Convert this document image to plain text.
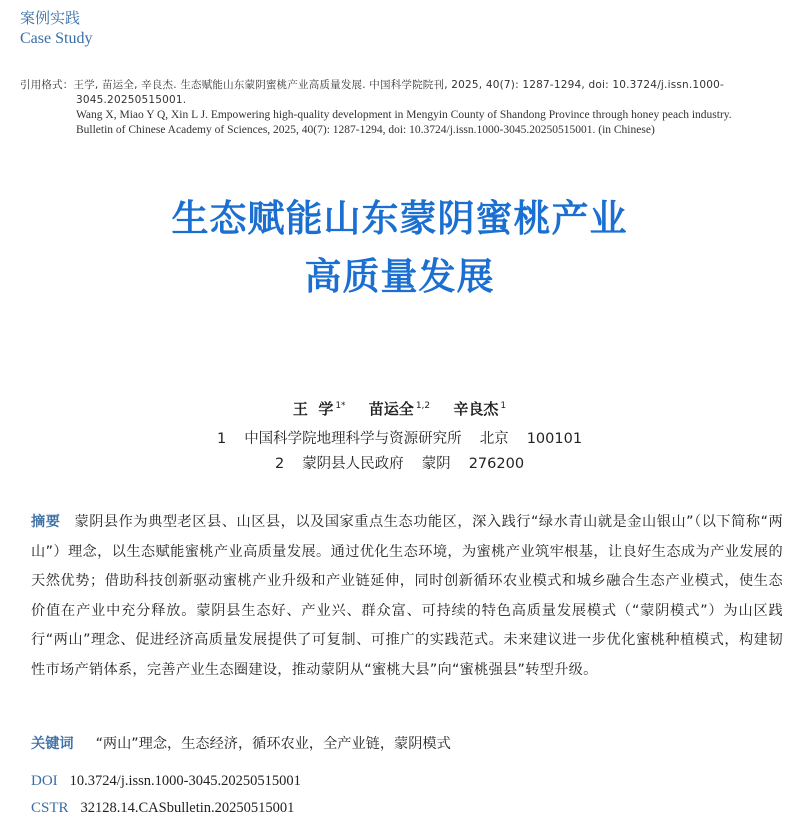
案例实践
Case Study
引用格式：王学, 苗运全, 辛良杰. 生态赋能山东蒙阴蜜桃产业高质量发展. 中国科学院院刊, 2025, 40(7): 1287-1294, doi: 10.3724/j.issn.1000-
3045.20250515001.
Wang X, Miao Y Q, Xin L J. Empowering high-quality development in Mengyin County of Shandong Province through honey peach industry.
Bulletin of Chinese Academy of Sciences, 2025, 40(7): 1287-1294, doi: 10.3724/j.issn.1000-3045.20250515001. (in Chinese)
生态赋能山东蒙阴蜜桃产业
高质量发展
王  学 $^{1*}$ 苗运全 $^{1,2}$ 辛良杰 $^1$
1 中国科学院地理科学与资源研究所 北京 100101
2 蒙阴县人民政府 蒙阴 276200
摘要 蒙阴县作为典型老区县、山区县，以及国家重点生态功能区，深入践行“绿水青山就是金山银山”（以下简称“两山”）理念，以生态赋能蜜桃产业高质量发展。通过优化生态环境，为蜜桃产业筑牢根基，让良好生态成为产业发展的天然优势；借助科技创新驱动蜜桃产业升级和产业链延伸，同时创新循环农业模式和城乡融合生态产业模式，使生态价值在产业中充分释放。蒙阴县生态好、产业兴、群众富、可持续的特色高质量发展模式（“蒙阴模式”）为山区践行“两山”理念、促进经济高质量发展提供了可复制、可推广的实践范式。未来建议进一步优化蜜桃种植模式，构建韧性市场产销体系，完善产业生态圈建设，推动蒙阴从“蜜桃大县”向“蜜桃强县”转型升级。
关键词 “两山”理念，生态经济，循环农业，全产业链，蒙阴模式
DOI 10.3724/j.issn.1000-3045.20250515001
CSTR 32128.14.CASbulletin.20250515001
